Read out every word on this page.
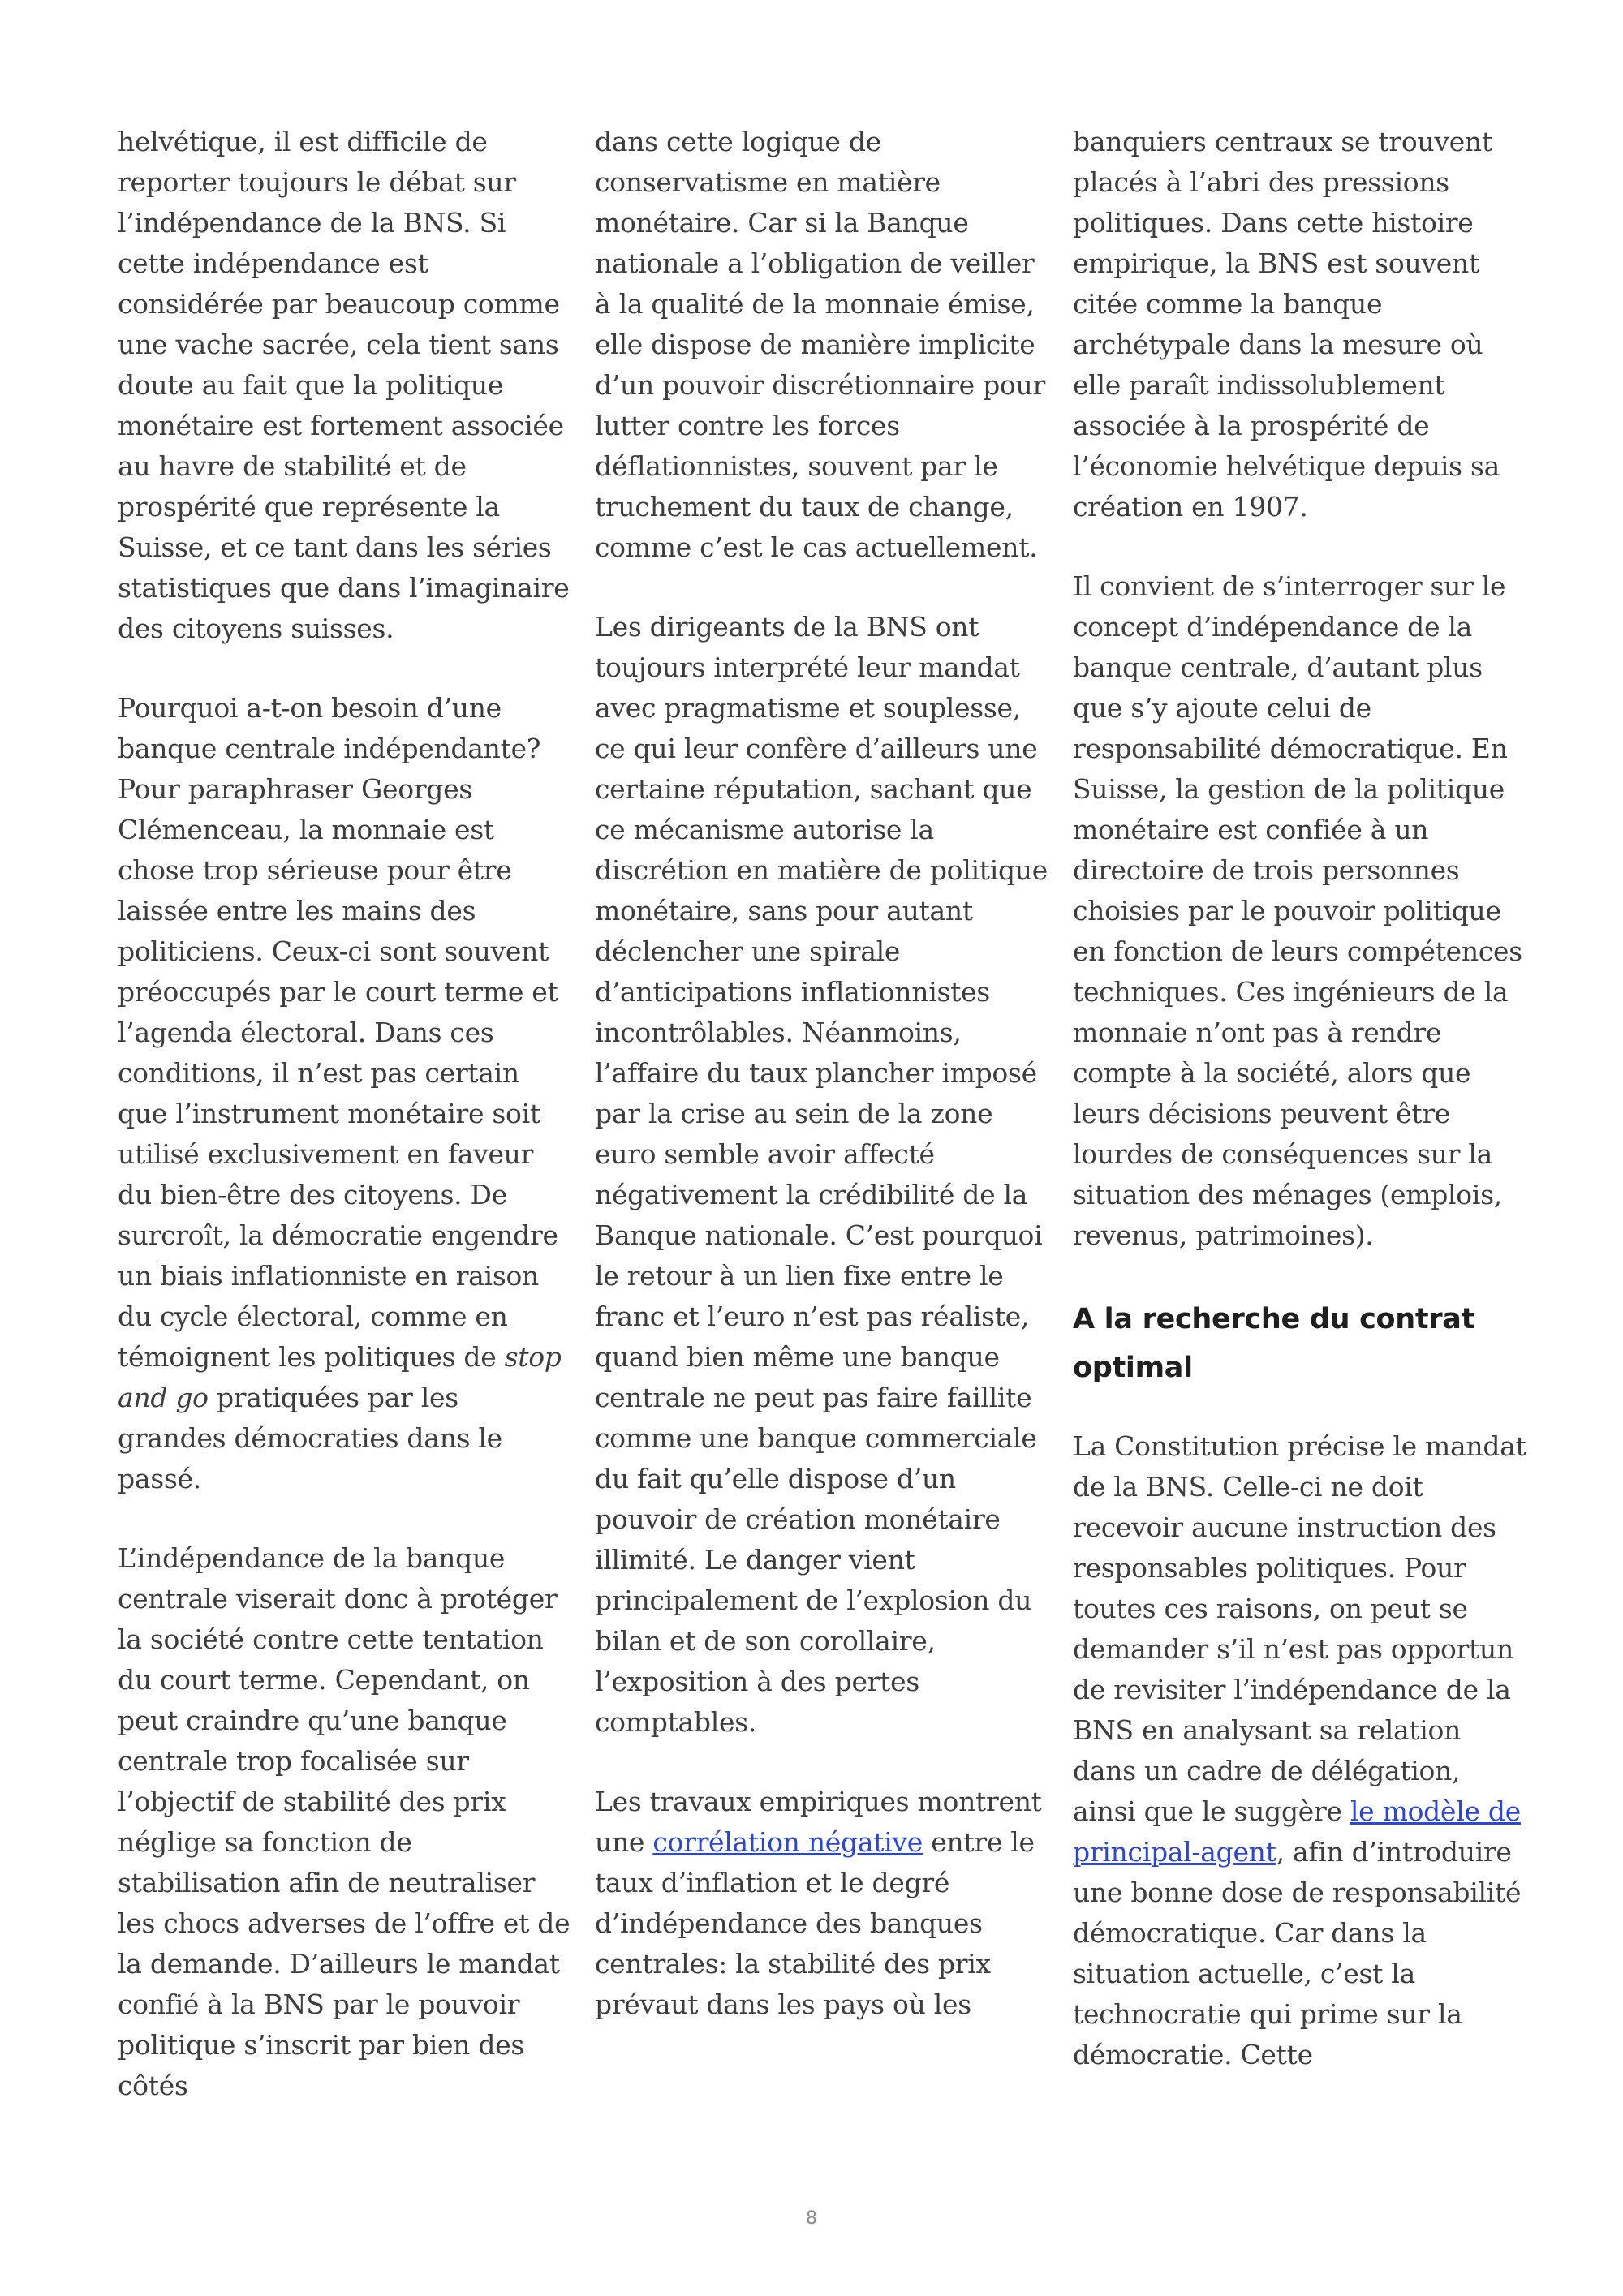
helvétique, il est difficile de reporter toujours le débat sur l’indépendance de la BNS. Si cette indépendance est considérée par beaucoup comme une vache sacrée, cela tient sans doute au fait que la politique monétaire est fortement associée au havre de stabilité et de prospérité que représente la Suisse, et ce tant dans les séries statistiques que dans l’imaginaire des citoyens suisses.

Pourquoi a-t-on besoin d’une banque centrale indépendante? Pour paraphraser Georges Clémenceau, la monnaie est chose trop sérieuse pour être laissée entre les mains des politiciens. Ceux-ci sont souvent préoccupés par le court terme et l’agenda électoral. Dans ces conditions, il n’est pas certain que l’instrument monétaire soit utilisé exclusivement en faveur du bien-être des citoyens. De surcroît, la démocratie engendre un biais inflationniste en raison du cycle électoral, comme en témoignent les politiques de stop and go pratiquées par les grandes démocraties dans le passé.

L’indépendance de la banque centrale viserait donc à protéger la société contre cette tentation du court terme. Cependant, on peut craindre qu’une banque centrale trop focalisée sur l’objectif de stabilité des prix néglige sa fonction de stabilisation afin de neutraliser les chocs adverses de l’offre et de la demande. D’ailleurs le mandat confié à la BNS par le pouvoir politique s’inscrit par bien des côtés

dans cette logique de conservatisme en matière monétaire. Car si la Banque nationale a l’obligation de veiller à la qualité de la monnaie émise, elle dispose de manière implicite d’un pouvoir discrétionnaire pour lutter contre les forces déflationnistes, souvent par le truchement du taux de change, comme c’est le cas actuellement.

Les dirigeants de la BNS ont toujours interprété leur mandat avec pragmatisme et souplesse, ce qui leur confère d’ailleurs une certaine réputation, sachant que ce mécanisme autorise la discrétion en matière de politique monétaire, sans pour autant déclencher une spirale d’anticipations inflationnistes incontrôlables. Néanmoins, l’affaire du taux plancher imposé par la crise au sein de la zone euro semble avoir affecté négativement la crédibilité de la Banque nationale. C’est pourquoi le retour à un lien fixe entre le franc et l’euro n’est pas réaliste, quand bien même une banque centrale ne peut pas faire faillite comme une banque commerciale du fait qu’elle dispose d’un pouvoir de création monétaire illimité. Le danger vient principalement de l’explosion du bilan et de son corollaire, l’exposition à des pertes comptables.

Les travaux empiriques montrent une corrélation négative entre le taux d’inflation et le degré d’indépendance des banques centrales: la stabilité des prix prévaut dans les pays où les

banquiers centraux se trouvent placés à l’abri des pressions politiques. Dans cette histoire empirique, la BNS est souvent citée comme la banque archétypale dans la mesure où elle paraît indissolublement associée à la prospérité de l’économie helvétique depuis sa création en 1907.

Il convient de s’interroger sur le concept d’indépendance de la banque centrale, d’autant plus que s’y ajoute celui de responsabilité démocratique. En Suisse, la gestion de la politique monétaire est confiée à un directoire de trois personnes choisies par le pouvoir politique en fonction de leurs compétences techniques. Ces ingénieurs de la monnaie n’ont pas à rendre compte à la société, alors que leurs décisions peuvent être lourdes de conséquences sur la situation des ménages (emplois, revenus, patrimoines).

A la recherche du contrat optimal

La Constitution précise le mandat de la BNS. Celle-ci ne doit recevoir aucune instruction des responsables politiques. Pour toutes ces raisons, on peut se demander s’il n’est pas opportun de revisiter l’indépendance de la BNS en analysant sa relation dans un cadre de délégation, ainsi que le suggère le modèle de principal-agent, afin d’introduire une bonne dose de responsabilité démocratique. Car dans la situation actuelle, c’est la technocratie qui prime sur la démocratie. Cette

8
